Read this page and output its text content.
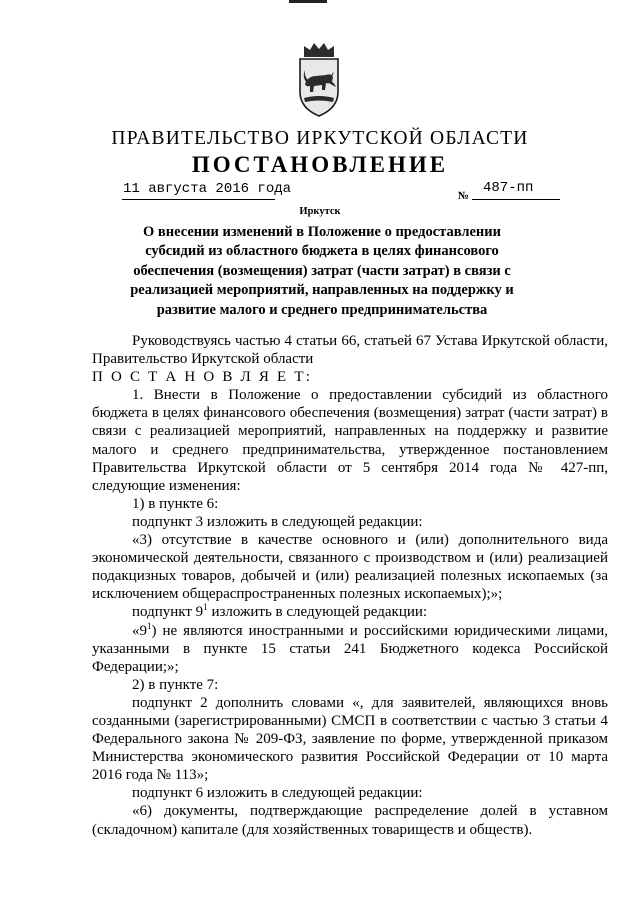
ПРАВИТЕЛЬСТВО ИРКУТСКОЙ ОБЛАСТИ
ПОСТАНОВЛЕНИЕ
11 августа 2016 года	№ 487-пп
Иркутск
О внесении изменений в Положение о предоставлении субсидий из областного бюджета в целях финансового обеспечения (возмещения) затрат (части затрат) в связи с реализацией мероприятий, направленных на поддержку и развитие малого и среднего предпринимательства

Руководствуясь частью 4 статьи 66, статьей 67 Устава Иркутской области, Правительство Иркутской области

П О С Т А Н О В Л Я Е Т:

1. Внести в Положение о предоставлении субсидий из областного бюджета в целях финансового обеспечения (возмещения) затрат (части затрат) в связи с реализацией мероприятий, направленных на поддержку и развитие малого и среднего предпринимательства, утвержденное постановлением Правительства Иркутской области от 5 сентября 2014 года № 427-пп, следующие изменения:

1) в пункте 6:

подпункт 3 изложить в следующей редакции:

«3) отсутствие в качестве основного и (или) дополнительного вида экономической деятельности, связанного с производством и (или) реализацией подакцизных товаров, добычей и (или) реализацией полезных ископаемых (за исключением общераспространенных полезных ископаемых);»;

подпункт $9^1$ изложить в следующей редакции:

«$9^1$) не являются иностранными и российскими юридическими лицами, указанными в пункте 15 статьи 241 Бюджетного кодекса Российской Федерации;»;

2) в пункте 7:

подпункт 2 дополнить словами «, для заявителей, являющихся вновь созданными (зарегистрированными) СМСП в соответствии с частью 3 статьи 4 Федерального закона № 209-ФЗ, заявление по форме, утвержденной приказом Министерства экономического развития Российской Федерации от 10 марта 2016 года № 113»;

подпункт 6 изложить в следующей редакции:

«6) документы, подтверждающие распределение долей в уставном (складочном) капитале (для хозяйственных товариществ и обществ).
